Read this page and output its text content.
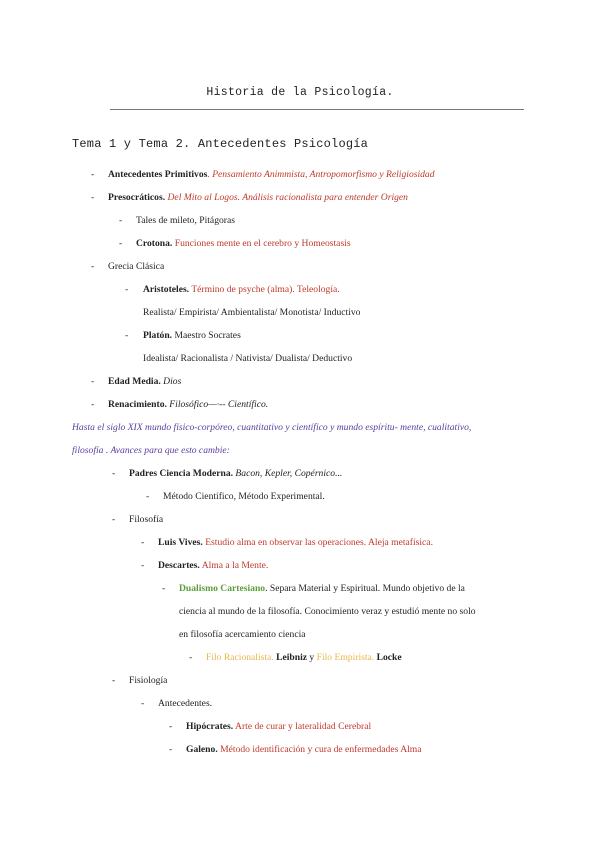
Historia de la Psicología.
Tema 1 y Tema 2. Antecedentes Psicología
- Antecedentes Primitivos. Pensamiento Animmista, Antropomorfismo y Religiosidad
- Presocráticos. Del Mito al Logos. Análisis racionalista para entender Origen
- Tales de mileto, Pitágoras
- Crotona. Funciones mente en el cerebro y Homeostasis
- Grecia Clásica
- Aristoteles. Término de psyche (alma). Teleología.
Realista/ Empirista/ Ambientalista/ Monotista/ Inductivo
- Platón. Maestro Socrates
Idealista/ Racionalista / Nativista/ Dualista/ Deductivo
- Edad Media. Dios
- Renacimiento. Filosófico—·-- Científico.
Hasta el siglo XIX mundo físico-corpóreo, cuantitativo y científico y mundo espíritu- mente, cualitativo,
filosofía . Avances para que esto cambie:
- Padres Ciencia Moderna. Bacon, Kepler, Copérnico...
- Método Científico, Método Experimental.
- Filosofía
- Luis Vives. Estudio alma en observar las operaciones. Aleja metafísica.
- Descartes. Alma a la Mente.
- Dualismo Cartesiano. Separa Material y Espiritual. Mundo objetivo de la
ciencia al mundo de la filosofía. Conocimiento veraz y estudió mente no solo
en filosofía acercamiento ciencia
- Filo Racionalista. Leibniz y Filo Empirista. Locke
- Fisiología
- Antecedentes.
- Hipócrates. Arte de curar y lateralidad Cerebral
- Galeno. Método identificación y cura de enfermedades Alma
